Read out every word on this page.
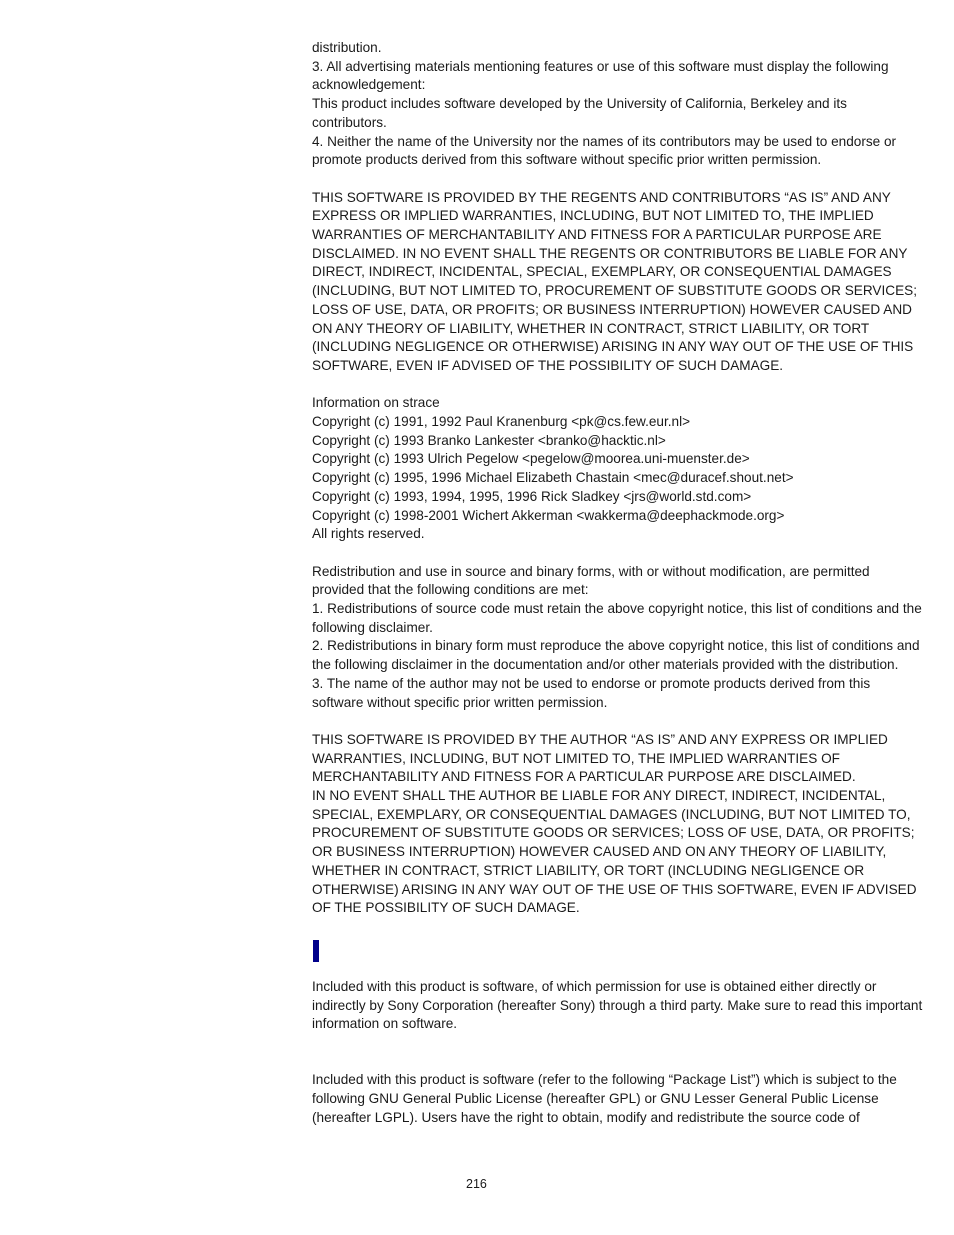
distribution.

3. All advertising materials mentioning features or use of this software must display the following acknowledgement:

This product includes software developed by the University of California, Berkeley and its contributors.

4. Neither the name of the University nor the names of its contributors may be used to endorse or promote products derived from this software without specific prior written permission.

THIS SOFTWARE IS PROVIDED BY THE REGENTS AND CONTRIBUTORS “AS IS” AND ANY EXPRESS OR IMPLIED WARRANTIES, INCLUDING, BUT NOT LIMITED TO, THE IMPLIED WARRANTIES OF MERCHANTABILITY AND FITNESS FOR A PARTICULAR PURPOSE ARE DISCLAIMED. IN NO EVENT SHALL THE REGENTS OR CONTRIBUTORS BE LIABLE FOR ANY DIRECT, INDIRECT, INCIDENTAL, SPECIAL, EXEMPLARY, OR CONSEQUENTIAL DAMAGES (INCLUDING, BUT NOT LIMITED TO, PROCUREMENT OF SUBSTITUTE GOODS OR SERVICES; LOSS OF USE, DATA, OR PROFITS; OR BUSINESS INTERRUPTION) HOWEVER CAUSED AND ON ANY THEORY OF LIABILITY, WHETHER IN CONTRACT, STRICT LIABILITY, OR TORT (INCLUDING NEGLIGENCE OR OTHERWISE) ARISING IN ANY WAY OUT OF THE USE OF THIS SOFTWARE, EVEN IF ADVISED OF THE POSSIBILITY OF SUCH DAMAGE.

Information on strace

Copyright (c) 1991, 1992 Paul Kranenburg <pk@cs.few.eur.nl>

Copyright (c) 1993 Branko Lankester <branko@hacktic.nl>

Copyright (c) 1993 Ulrich Pegelow <pegelow@moorea.uni-muenster.de>

Copyright (c) 1995, 1996 Michael Elizabeth Chastain <mec@duracef.shout.net>

Copyright (c) 1993, 1994, 1995, 1996 Rick Sladkey <jrs@world.std.com>

Copyright (c) 1998-2001 Wichert Akkerman <wakkerma@deephackmode.org>

All rights reserved.

Redistribution and use in source and binary forms, with or without modification, are permitted provided that the following conditions are met:

1. Redistributions of source code must retain the above copyright notice, this list of conditions and the following disclaimer.

2. Redistributions in binary form must reproduce the above copyright notice, this list of conditions and the following disclaimer in the documentation and/or other materials provided with the distribution.

3. The name of the author may not be used to endorse or promote products derived from this software without specific prior written permission.

THIS SOFTWARE IS PROVIDED BY THE AUTHOR “AS IS” AND ANY EXPRESS OR IMPLIED WARRANTIES, INCLUDING, BUT NOT LIMITED TO, THE IMPLIED WARRANTIES OF MERCHANTABILITY AND FITNESS FOR A PARTICULAR PURPOSE ARE DISCLAIMED.

IN NO EVENT SHALL THE AUTHOR BE LIABLE FOR ANY DIRECT, INDIRECT, INCIDENTAL, SPECIAL, EXEMPLARY, OR CONSEQUENTIAL DAMAGES (INCLUDING, BUT NOT LIMITED TO, PROCUREMENT OF SUBSTITUTE GOODS OR SERVICES; LOSS OF USE, DATA, OR PROFITS; OR BUSINESS INTERRUPTION) HOWEVER CAUSED AND ON ANY THEORY OF LIABILITY, WHETHER IN CONTRACT, STRICT LIABILITY, OR TORT (INCLUDING NEGLIGENCE OR OTHERWISE) ARISING IN ANY WAY OUT OF THE USE OF THIS SOFTWARE, EVEN IF ADVISED OF THE POSSIBILITY OF SUCH DAMAGE.

Included with this product is software, of which permission for use is obtained either directly or indirectly by Sony Corporation (hereafter Sony) through a third party. Make sure to read this important information on software.

Included with this product is software (refer to the following “Package List”) which is subject to the following GNU General Public License (hereafter GPL) or GNU Lesser General Public License (hereafter LGPL). Users have the right to obtain, modify and redistribute the source code of

216
